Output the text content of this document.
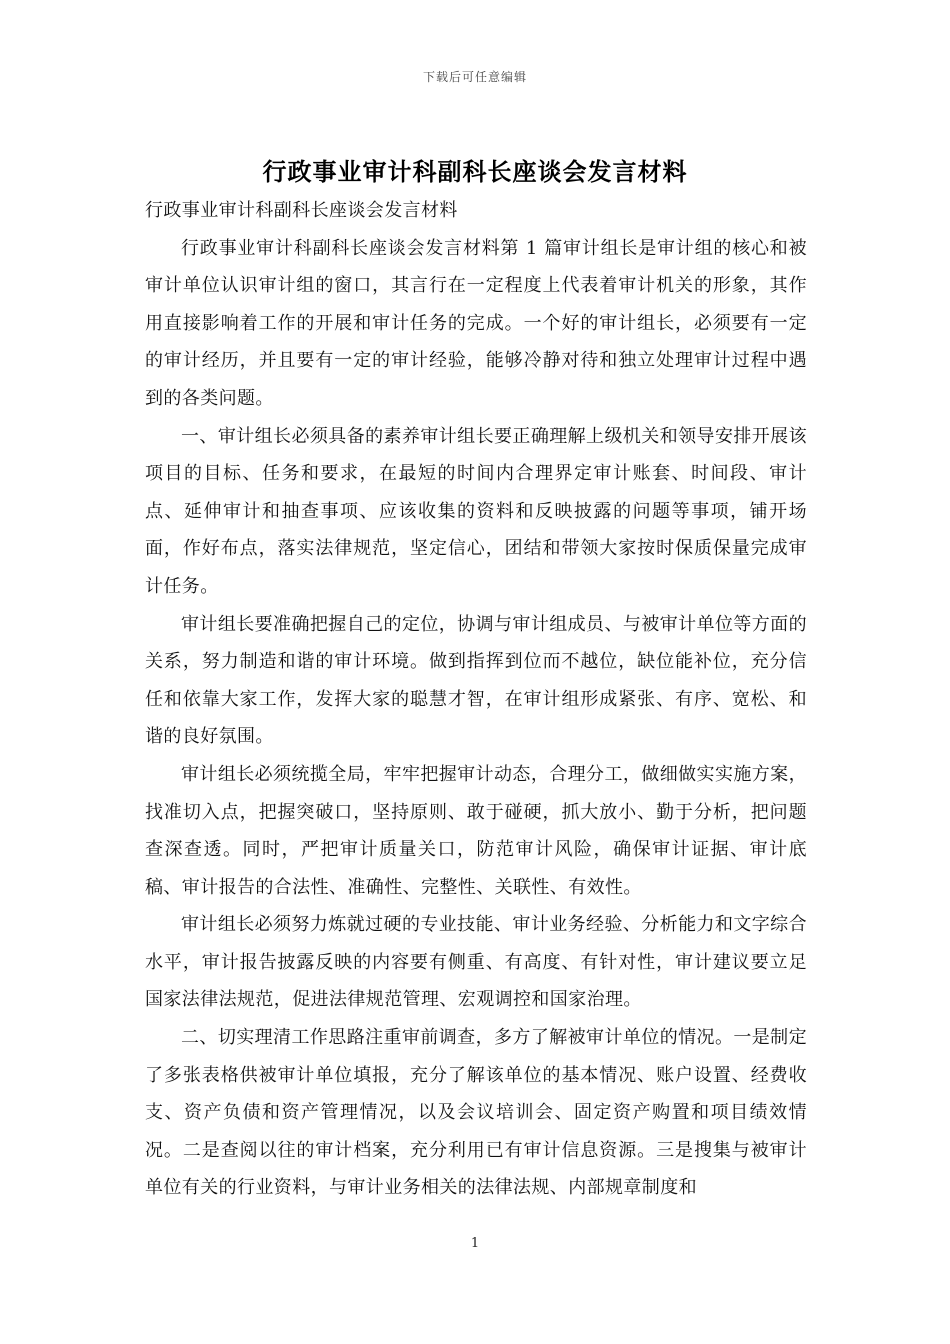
下载后可任意编辑
行政事业审计科副科长座谈会发言材料

行政事业审计科副科长座谈会发言材料

行政事业审计科副科长座谈会发言材料第 1 篇审计组长是审计组的核心和被审计单位认识审计组的窗口，其言行在一定程度上代表着审计机关的形象，其作用直接影响着工作的开展和审计任务的完成。一个好的审计组长，必须要有一定的审计经历，并且要有一定的审计经验，能够冷静对待和独立处理审计过程中遇到的各类问题。

一、审计组长必须具备的素养审计组长要正确理解上级机关和领导安排开展该项目的目标、任务和要求，在最短的时间内合理界定审计账套、时间段、审计点、延伸审计和抽查事项、应该收集的资料和反映披露的问题等事项，铺开场面，作好布点，落实法律规范，坚定信心，团结和带领大家按时保质保量完成审计任务。

审计组长要准确把握自己的定位，协调与审计组成员、与被审计单位等方面的关系，努力制造和谐的审计环境。做到指挥到位而不越位，缺位能补位，充分信任和依靠大家工作，发挥大家的聪慧才智，在审计组形成紧张、有序、宽松、和谐的良好氛围。

审计组长必须统揽全局，牢牢把握审计动态，合理分工，做细做实实施方案，找准切入点，把握突破口，坚持原则、敢于碰硬，抓大放小、勤于分析，把问题查深查透。同时，严把审计质量关口，防范审计风险，确保审计证据、审计底稿、审计报告的合法性、准确性、完整性、关联性、有效性。

审计组长必须努力炼就过硬的专业技能、审计业务经验、分析能力和文字综合水平，审计报告披露反映的内容要有侧重、有高度、有针对性，审计建议要立足国家法律法规范，促进法律规范管理、宏观调控和国家治理。

二、切实理清工作思路注重审前调查，多方了解被审计单位的情况。一是制定了多张表格供被审计单位填报，充分了解该单位的基本情况、账户设置、经费收支、资产负债和资产管理情况，以及会议培训会、固定资产购置和项目绩效情况。二是查阅以往的审计档案，充分利用已有审计信息资源。三是搜集与被审计单位有关的行业资料，与审计业务相关的法律法规、内部规章制度和

1
